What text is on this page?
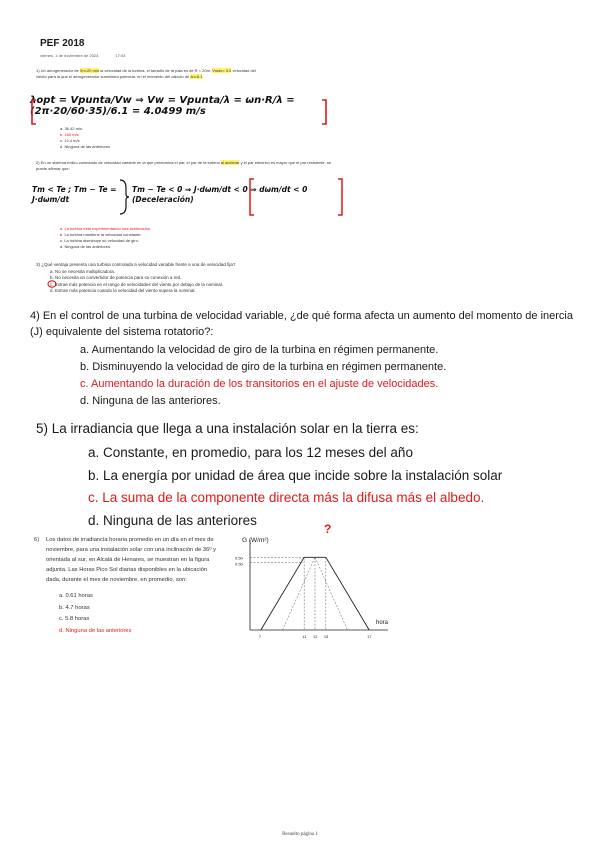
PEF 2018
viernes, 1 de noviembre de 2024	17:03
1) Un aerogenerador de Vn=20 m/s la velocidad de la turbina, el tamaño de la pala es de R = 20m. Vmáx= 3.5 velocidad del viento para la que el aerogenerador suministra potencia, en el momento del cálculo de λn=6.1.
λopt = Vpunta/Vw ⇒ Vw = Vpunta/λ = ωn·R/λ = (2π·20/60·35)/6.1 = 4.0499 m/s
a. 36.42 m/s
b. 180 m/s
c. 12.4 m/s
d. Ninguna de las anteriores
2) En un sistema eólico conectado de velocidad variable en la que predomina el par, el par de la turbina al acelerar y el par eléctrico es mayor que el par resistente, se puede afirmar que:
Tm < Te ; Tm − Te = J·dωm/dt
Tm − Te < 0 ⇒ J·dωm/dt < 0 ⇒ dωm/dt < 0 (Deceleración)
a. La turbina está experimentando una aceleración.
b. La turbina mantiene la velocidad constante.
c. La turbina disminuye su velocidad de giro.
d. Ninguna de las anteriores.
3) ¿Qué ventaja presenta una turbina controlada a velocidad variable frente a una de velocidad fija?
a. No se necesita multiplicadora.
b. No necesita un convertidor de potencia para su conexión a red.
c. Extrae más potencia en el rango de velocidades del viento por debajo de la nominal.
d. Extrae más potencia cuando la velocidad del viento supera la nominal.
4) En el control de una turbina de velocidad variable, ¿de qué forma afecta un aumento del momento de inercia (J) equivalente del sistema rotatorio?:
a. Aumentando la velocidad de giro de la turbina en régimen permanente.
b. Disminuyendo la velocidad de giro de la turbina en régimen permanente.
c. Aumentando la duración de los transitorios en el ajuste de velocidades.
d. Ninguna de las anteriores.
5) La irradiancia que llega a una instalación solar en la tierra es:
a. Constante, en promedio, para los 12 meses del año
b. La energía por unidad de área que incide sobre la instalación solar
c. La suma de la componente directa más la difusa más el albedo.
d. Ninguna de las anteriores
6)	Los datos de irradiancia horaria promedio en un día en el mes de noviembre, para una instalación solar con una inclinación de 36º y orientada al sur, en Alcalá de Henares, se muestran en la figura adjunta. Las Horas Pico Sol diarias disponibles en la ubicación dada, durante el mes de noviembre, en promedio, son:
a. 0.61 horas
b. 4.7 horas
c. 5.8 horas
d. Ninguna de las anteriores
?
G (W/m²)
hora
0.50
0.50
7	11 12 13	17
Resuelto página 1
